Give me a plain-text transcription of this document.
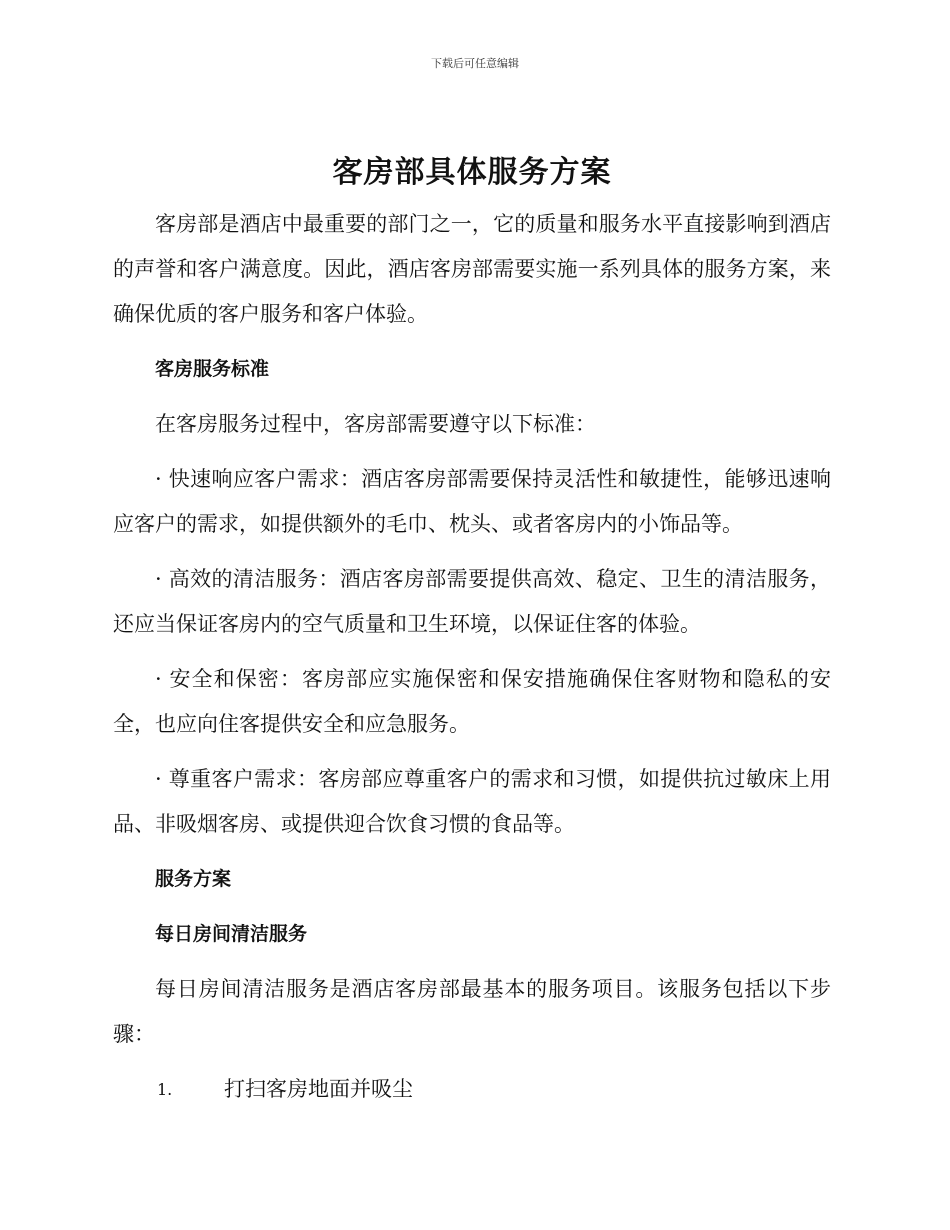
下载后可任意编辑
客房部具体服务方案

客房部是酒店中最重要的部门之一，它的质量和服务水平直接影响到酒店的声誉和客户满意度。因此，酒店客房部需要实施一系列具体的服务方案，来确保优质的客户服务和客户体验。

客房服务标准

在客房服务过程中，客房部需要遵守以下标准：

· 快速响应客户需求：酒店客房部需要保持灵活性和敏捷性，能够迅速响应客户的需求，如提供额外的毛巾、枕头、或者客房内的小饰品等。

· 高效的清洁服务：酒店客房部需要提供高效、稳定、卫生的清洁服务，还应当保证客房内的空气质量和卫生环境，以保证住客的体验。

· 安全和保密：客房部应实施保密和保安措施确保住客财物和隐私的安全，也应向住客提供安全和应急服务。

· 尊重客户需求：客房部应尊重客户的需求和习惯，如提供抗过敏床上用品、非吸烟客房、或提供迎合饮食习惯的食品等。

服务方案
每日房间清洁服务

每日房间清洁服务是酒店客房部最基本的服务项目。该服务包括以下步骤：

1. 打扫客房地面并吸尘
